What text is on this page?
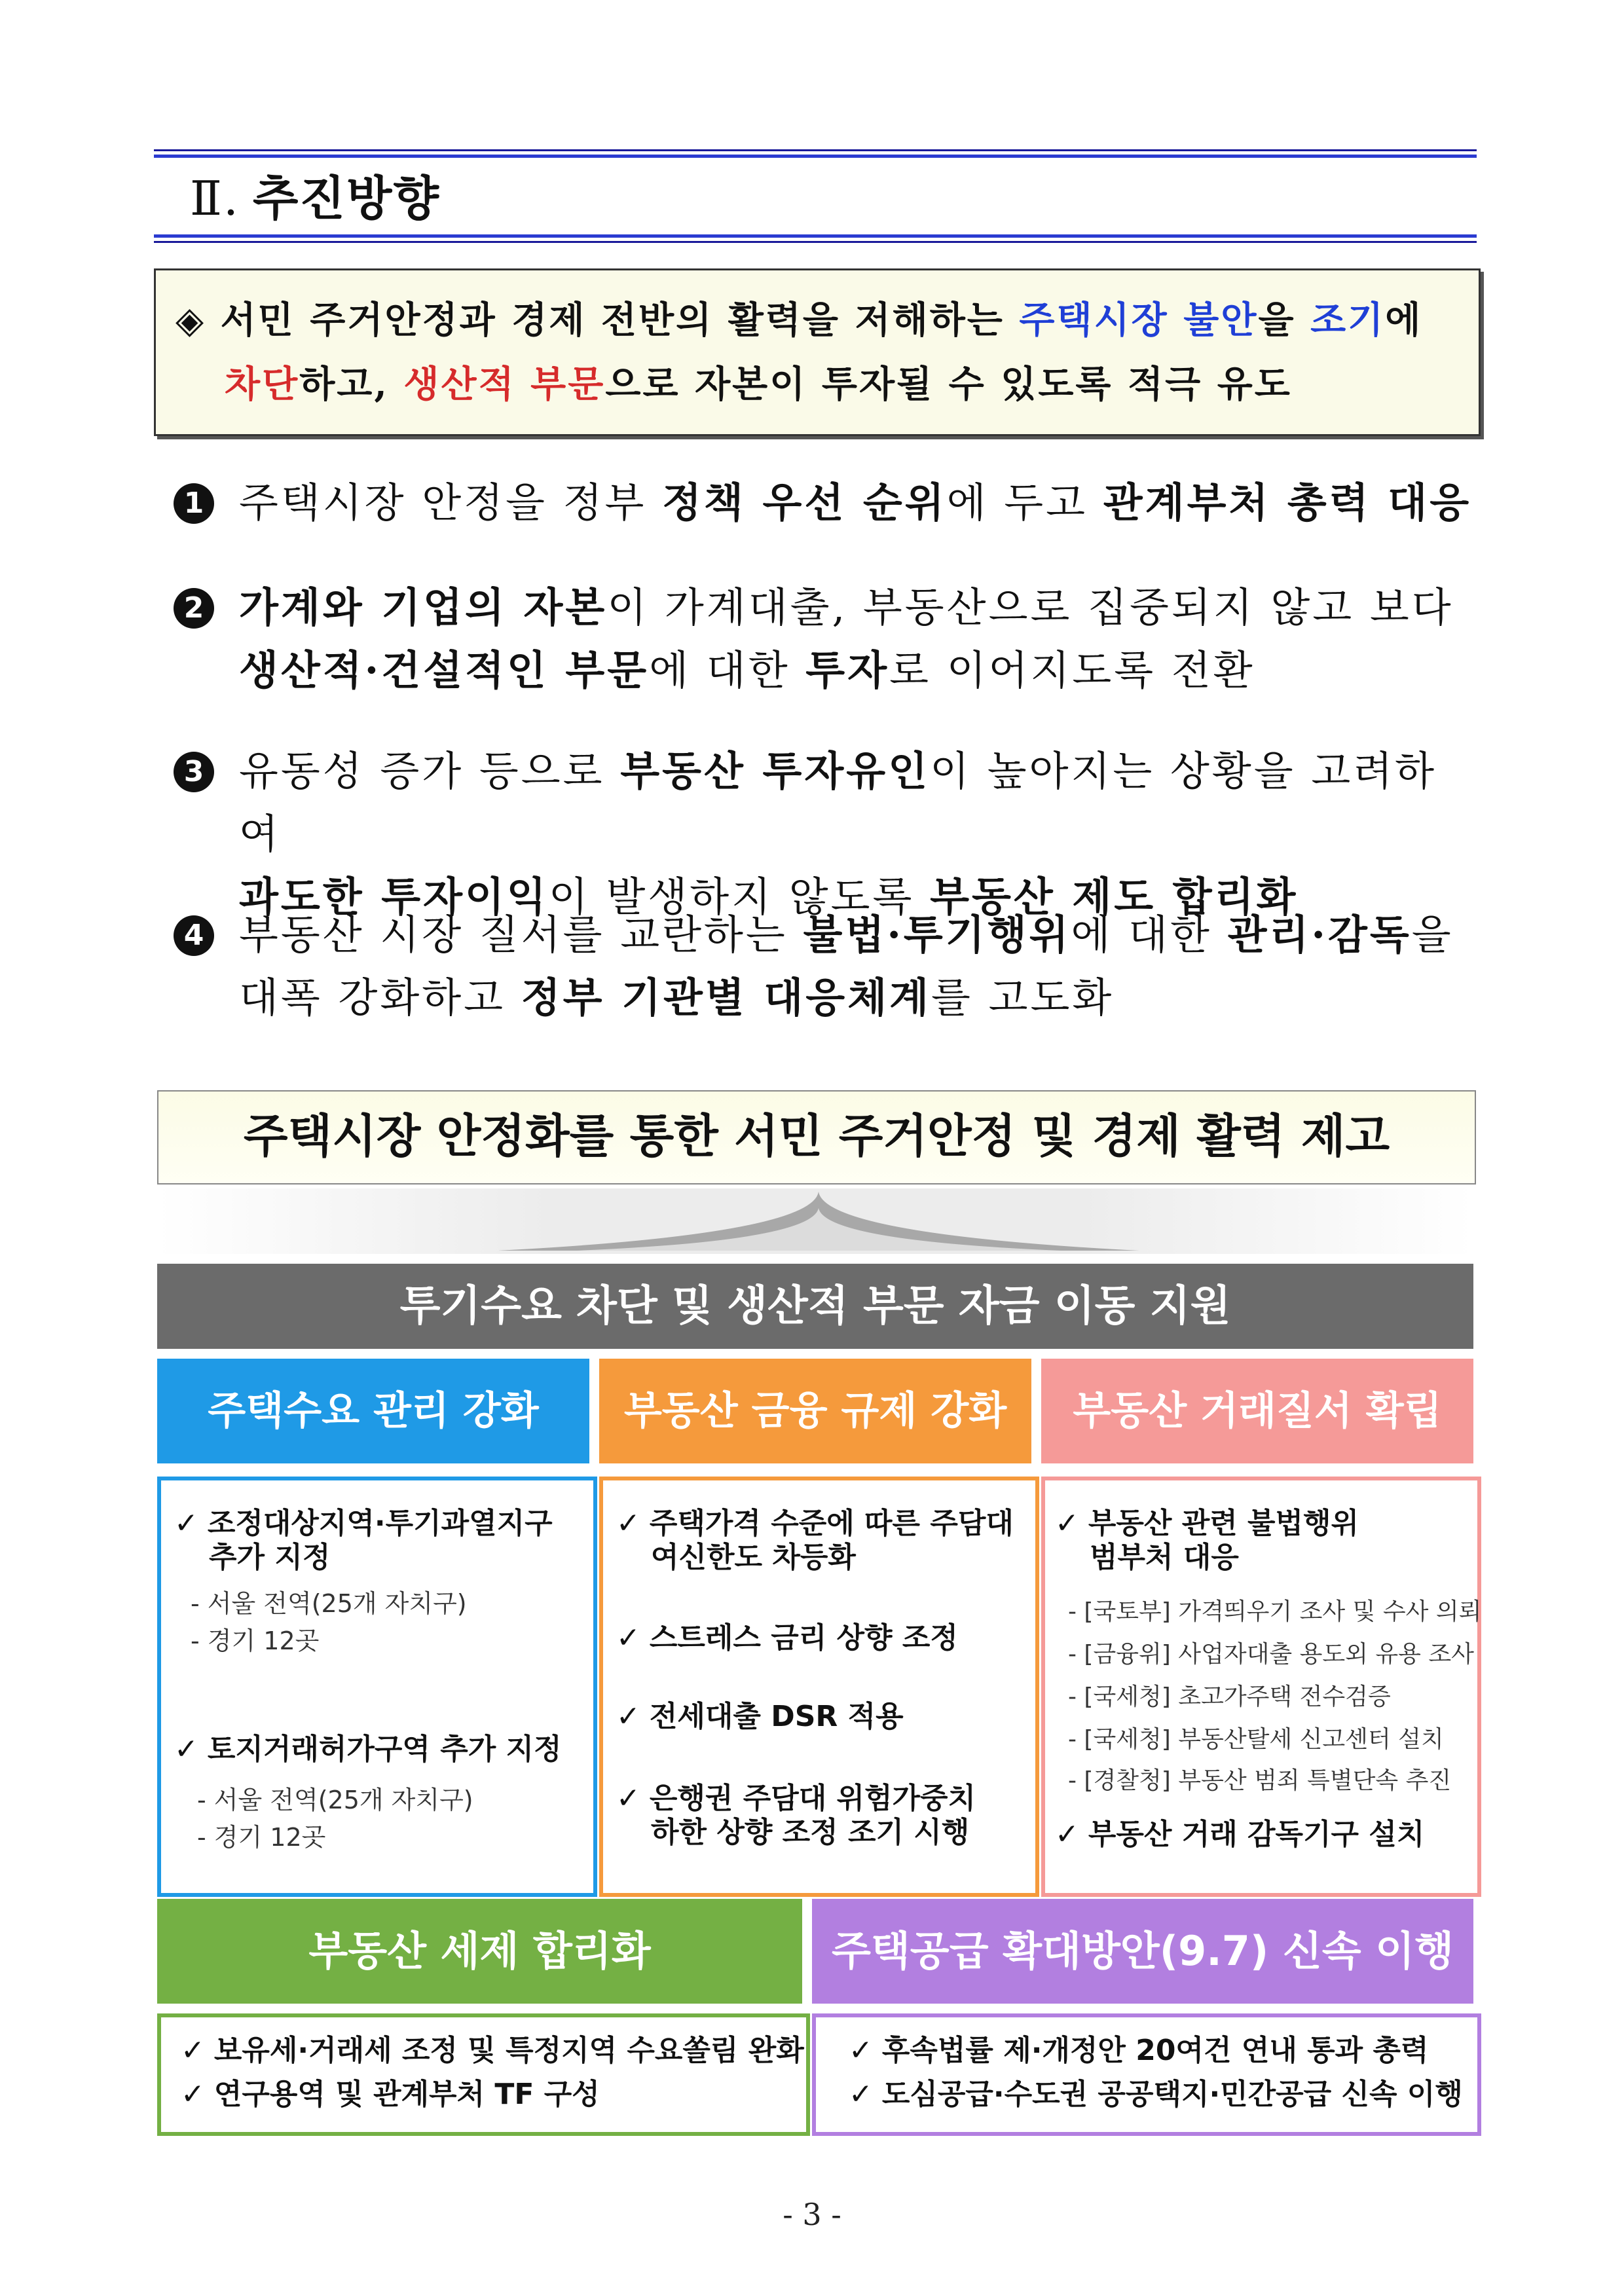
Ⅱ. 추진방향
◈ 서민 주거안정과 경제 전반의 활력을 저해하는 주택시장 불안을 조기에
차단하고, 생산적 부문으로 자본이 투자될 수 있도록 적극 유도
1 주택시장 안정을 정부 정책 우선 순위에 두고 관계부처 총력 대응
2 가계와 기업의 자본이 가계대출, 부동산으로 집중되지 않고 보다
생산적·건설적인 부문에 대한 투자로 이어지도록 전환
3 유동성 증가 등으로 부동산 투자유인이 높아지는 상황을 고려하여
과도한 투자이익이 발생하지 않도록 부동산 제도 합리화
4 부동산 시장 질서를 교란하는 불법·투기행위에 대한 관리·감독을
대폭 강화하고 정부 기관별 대응체계를 고도화
주택시장 안정화를 통한 서민 주거안정 및 경제 활력 제고
투기수요 차단 및 생산적 부문 자금 이동 지원
주택수요 관리 강화
✓ 조정대상지역·투기과열지구
추가 지정
- 서울 전역(25개 자치구)
- 경기 12곳
✓ 토지거래허가구역 추가 지정
- 서울 전역(25개 자치구)
- 경기 12곳
부동산 금융 규제 강화
✓ 주택가격 수준에 따른 주담대
여신한도 차등화
✓ 스트레스 금리 상향 조정
✓ 전세대출 DSR 적용
✓ 은행권 주담대 위험가중치
하한 상향 조정 조기 시행
부동산 거래질서 확립
✓ 부동산 관련 불법행위
범부처 대응
- [국토부] 가격띄우기 조사 및 수사 의뢰
- [금융위] 사업자대출 용도외 유용 조사
- [국세청] 초고가주택 전수검증
- [국세청] 부동산탈세 신고센터 설치
- [경찰청] 부동산 범죄 특별단속 추진
✓ 부동산 거래 감독기구 설치
부동산 세제 합리화
✓ 보유세·거래세 조정 및 특정지역 수요쏠림 완화
✓ 연구용역 및 관계부처 TF 구성
주택공급 확대방안(9.7) 신속 이행
✓ 후속법률 제·개정안 20여건 연내 통과 총력
✓ 도심공급·수도권 공공택지·민간공급 신속 이행
- 3 -
